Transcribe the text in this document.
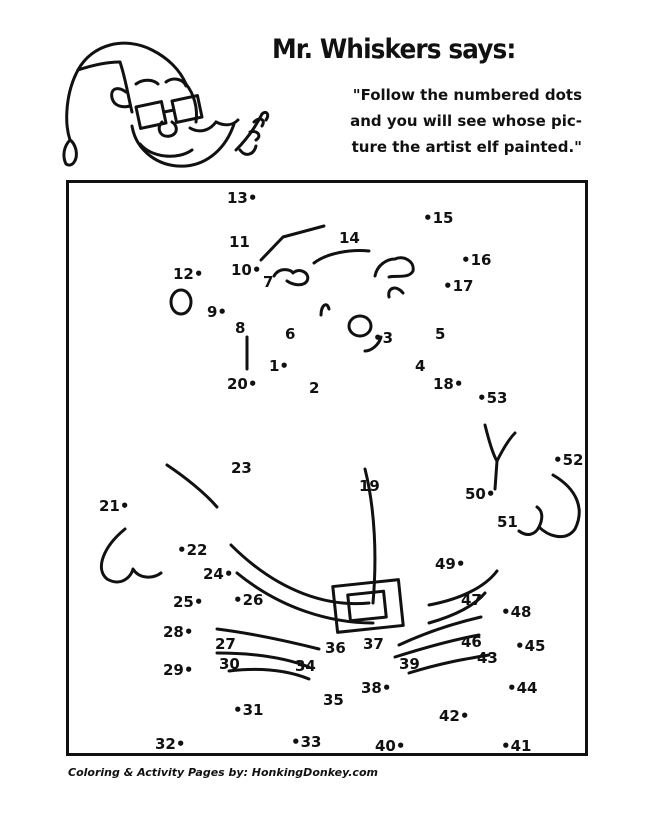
Mr. Whiskers says:
"Follow the numbered dots
and you will see whose pic-
ture the artist elf painted."
1•
2
•3
4
5
6
7
8
9•
10•
11
12•
13•
14
•15
•16
•17
18•
19
20•
21•
•22
23
24•
25• •26
27
28•
29• 30
•31
32•	•33
34
35
36 37
38•
39
40•	•41
42•
43
•44
•45
46
47
•48
49•
50•
51
•52
•53
Coloring & Activity Pages by: HonkingDonkey.com
